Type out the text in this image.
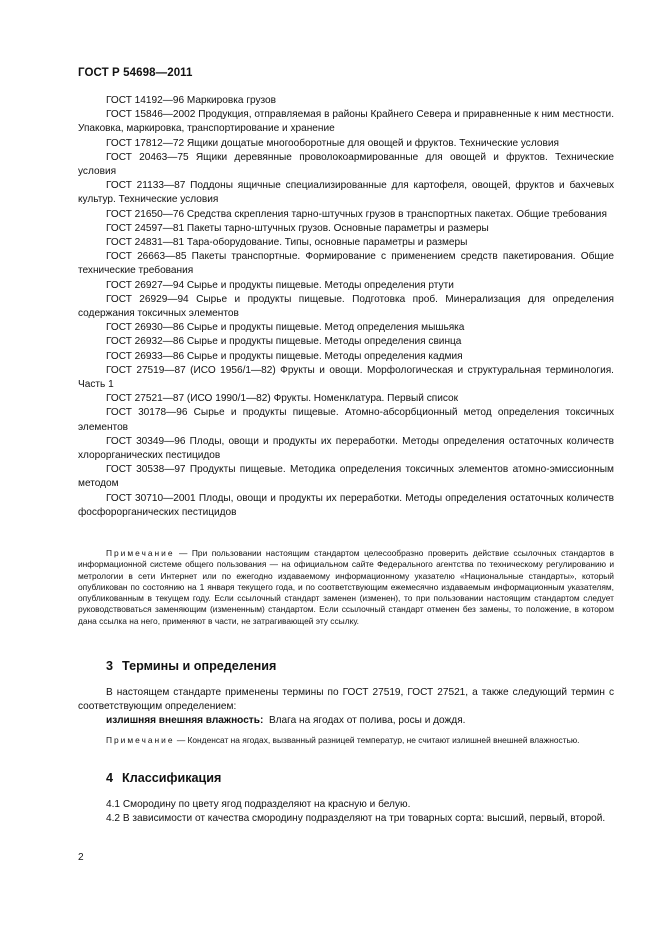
ГОСТ Р 54698—2011

ГОСТ 14192—96 Маркировка грузов

ГОСТ 15846—2002 Продукция, отправляемая в районы Крайнего Севера и приравненные к ним местности. Упаковка, маркировка, транспортирование и хранение

ГОСТ 17812—72 Ящики дощатые многооборотные для овощей и фруктов. Технические условия

ГОСТ 20463—75 Ящики деревянные проволокоармированные для овощей и фруктов. Технические условия

ГОСТ 21133—87 Поддоны ящичные специализированные для картофеля, овощей, фруктов и бахчевых культур. Технические условия

ГОСТ 21650—76 Средства скрепления тарно-штучных грузов в транспортных пакетах. Общие требования

ГОСТ 24597—81 Пакеты тарно-штучных грузов. Основные параметры и размеры

ГОСТ 24831—81 Тара-оборудование. Типы, основные параметры и размеры

ГОСТ 26663—85 Пакеты транспортные. Формирование с применением средств пакетирования. Общие технические требования

ГОСТ 26927—94 Сырье и продукты пищевые. Методы определения ртути

ГОСТ 26929—94 Сырье и продукты пищевые. Подготовка проб. Минерализация для определения содержания токсичных элементов

ГОСТ 26930—86 Сырье и продукты пищевые. Метод определения мышьяка

ГОСТ 26932—86 Сырье и продукты пищевые. Методы определения свинца

ГОСТ 26933—86 Сырье и продукты пищевые. Методы определения кадмия

ГОСТ 27519—87 (ИСО 1956/1—82) Фрукты и овощи. Морфологическая и структуральная терминология. Часть 1

ГОСТ 27521—87 (ИСО 1990/1—82) Фрукты. Номенклатура. Первый список

ГОСТ 30178—96 Сырье и продукты пищевые. Атомно-абсорбционный метод определения токсичных элементов

ГОСТ 30349—96 Плоды, овощи и продукты их переработки. Методы определения остаточных количеств хлорорганических пестицидов

ГОСТ 30538—97 Продукты пищевые. Методика определения токсичных элементов атомно-эмиссионным методом

ГОСТ 30710—2001 Плоды, овощи и продукты их переработки. Методы определения остаточных количеств фосфорорганических пестицидов

Примечание — При пользовании настоящим стандартом целесообразно проверить действие ссылочных стандартов в информационной системе общего пользования — на официальном сайте Федерального агентства по техническому регулированию и метрологии в сети Интернет или по ежегодно издаваемому информационному указателю «Национальные стандарты», который опубликован по состоянию на 1 января текущего года, и по соответствующим ежемесячно издаваемым информационным указателям, опубликованным в текущем году. Если ссылочный стандарт заменен (изменен), то при пользовании настоящим стандартом следует руководствоваться заменяющим (измененным) стандартом. Если ссылочный стандарт отменен без замены, то положение, в котором дана ссылка на него, применяют в части, не затрагивающей эту ссылку.

3 Термины и определения

В настоящем стандарте применены термины по ГОСТ 27519, ГОСТ 27521, а также следующий термин с соответствующим определением:

излишняя внешняя влажность: Влага на ягодах от полива, росы и дождя.

Примечание — Конденсат на ягодах, вызванный разницей температур, не считают излишней внешней влажностью.

4 Классификация

4.1 Смородину по цвету ягод подразделяют на красную и белую.

4.2 В зависимости от качества смородину подразделяют на три товарных сорта: высший, первый, второй.

2
